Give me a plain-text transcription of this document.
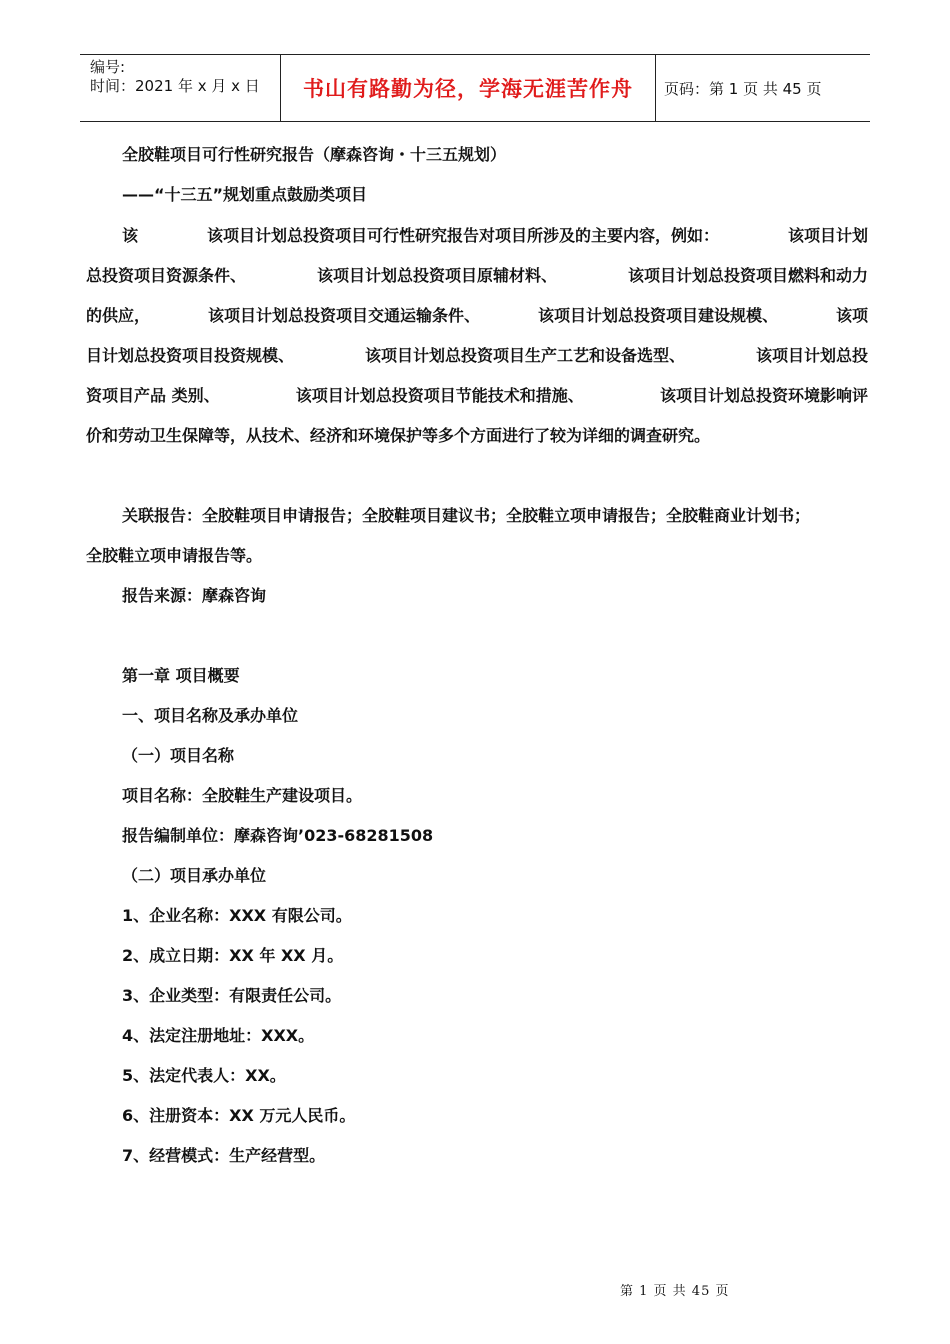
编号:
时间：2021 年 x 月 x 日	书山有路勤为径，学海无涯苦作舟	页码：第 1 页 共 45 页
全胶鞋项目可行性研究报告（摩森咨询・十三五规划）
——“十三五”规划重点鼓励类项目
该	该项目计划总投资项目可行性研究报告对项目所涉及的主要内容，例如：	该项目计划
总投资项目资源条件、	该项目计划总投资项目原辅材料、	该项目计划总投资项目燃料和动力
的供应，	该项目计划总投资项目交通运输条件、	该项目计划总投资项目建设规模、	该项
目计划总投资项目投资规模、	该项目计划总投资项目生产工艺和设备选型、	该项目计划总投
资项目产品 类别、	该项目计划总投资项目节能技术和措施、	该项目计划总投资环境影响评
价和劳动卫生保障等，从技术、经济和环境保护等多个方面进行了较为详细的调查研究。
关联报告：全胶鞋项目申请报告；全胶鞋项目建议书；全胶鞋立项申请报告；全胶鞋商业计划书；
全胶鞋立项申请报告等。
报告来源：摩森咨询
第一章 项目概要
一、项目名称及承办单位
（一）项目名称
项目名称：全胶鞋生产建设项目。
报告编制单位：摩森咨询’023-68281508
（二）项目承办单位
1、企业名称：XXX 有限公司。
2、成立日期：XX 年 XX 月。
3、企业类型：有限责任公司。
4、法定注册地址：XXX。
5、法定代表人：XX。
6、注册资本：XX 万元人民币。
7、经营模式：生产经营型。
第 1 页 共 45 页
